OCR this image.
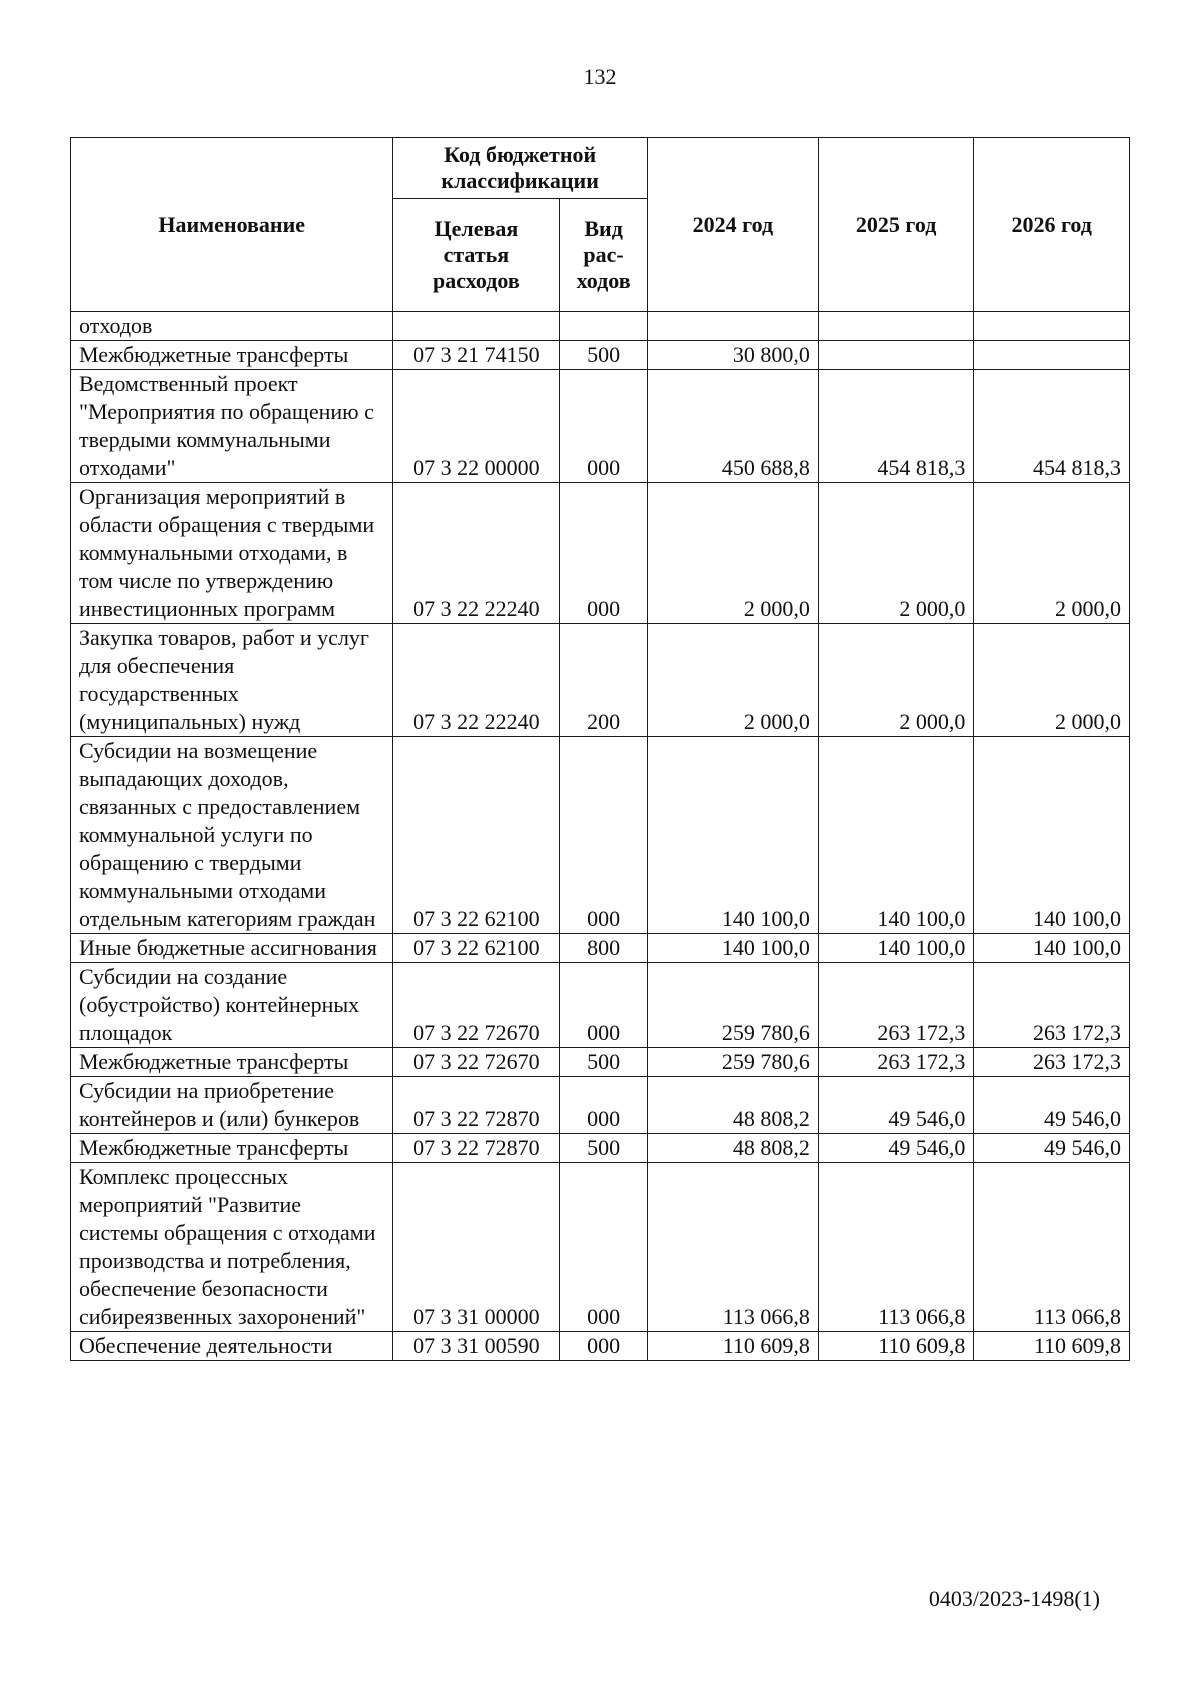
132
Наименование	Код бюджетной классификации		2024 год	2025 год	2026 год
	Целевая статья расходов	Вид рас- ходов			
отходов					
Межбюджетные трансферты	07 3 21 74150	500	30 800,0		
Ведомственный проект "Мероприятия по обращению с твердыми коммунальными отходами"	07 3 22 00000	000	450 688,8	454 818,3	454 818,3
Организация мероприятий в области обращения с твердыми коммунальными отходами, в том числе по утверждению инвестиционных программ	07 3 22 22240	000	2 000,0	2 000,0	2 000,0
Закупка товаров, работ и услуг для обеспечения государственных (муниципальных) нужд	07 3 22 22240	200	2 000,0	2 000,0	2 000,0
Субсидии на возмещение выпадающих доходов, связанных с предоставлением коммунальной услуги по обращению с твердыми коммунальными отходами отдельным категориям граждан	07 3 22 62100	000	140 100,0	140 100,0	140 100,0
Иные бюджетные ассигнования	07 3 22 62100	800	140 100,0	140 100,0	140 100,0
Субсидии на создание (обустройство) контейнерных площадок	07 3 22 72670	000	259 780,6	263 172,3	263 172,3
Межбюджетные трансферты	07 3 22 72670	500	259 780,6	263 172,3	263 172,3
Субсидии на приобретение контейнеров и (или) бункеров	07 3 22 72870	000	48 808,2	49 546,0	49 546,0
Межбюджетные трансферты	07 3 22 72870	500	48 808,2	49 546,0	49 546,0
Комплекс процессных мероприятий "Развитие системы обращения с отходами производства и потребления, обеспечение безопасности сибиреязвенных захоронений"	07 3 31 00000	000	113 066,8	113 066,8	113 066,8
Обеспечение деятельности	07 3 31 00590	000	110 609,8	110 609,8	110 609,8
0403/2023-1498(1)
